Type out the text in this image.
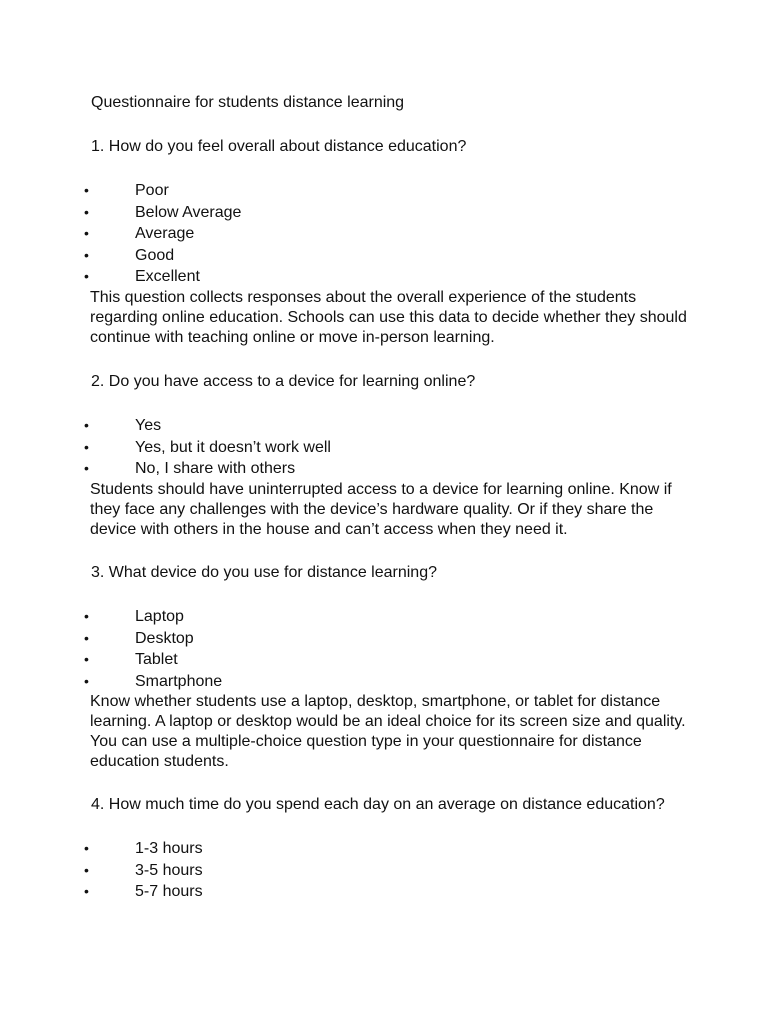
Questionnaire for students distance learning

1. How do you feel overall about distance education?

•	Poor
•	Below Average
•	Average
•	Good
•	Excellent

This question collects responses about the overall experience of the students regarding online education. Schools can use this data to decide whether they should continue with teaching online or move in-person learning.

2. Do you have access to a device for learning online?

•	Yes
•	Yes, but it doesn’t work well
•	No, I share with others

Students should have uninterrupted access to a device for learning online. Know if they face any challenges with the device’s hardware quality. Or if they share the device with others in the house and can’t access when they need it.

3. What device do you use for distance learning?

•	Laptop
•	Desktop
•	Tablet
•	Smartphone

Know whether students use a laptop, desktop, smartphone, or tablet for distance learning. A laptop or desktop would be an ideal choice for its screen size and quality. You can use a multiple-choice question type in your questionnaire for distance education students.

4. How much time do you spend each day on an average on distance education?

•	1-3 hours
•	3-5 hours
•	5-7 hours
